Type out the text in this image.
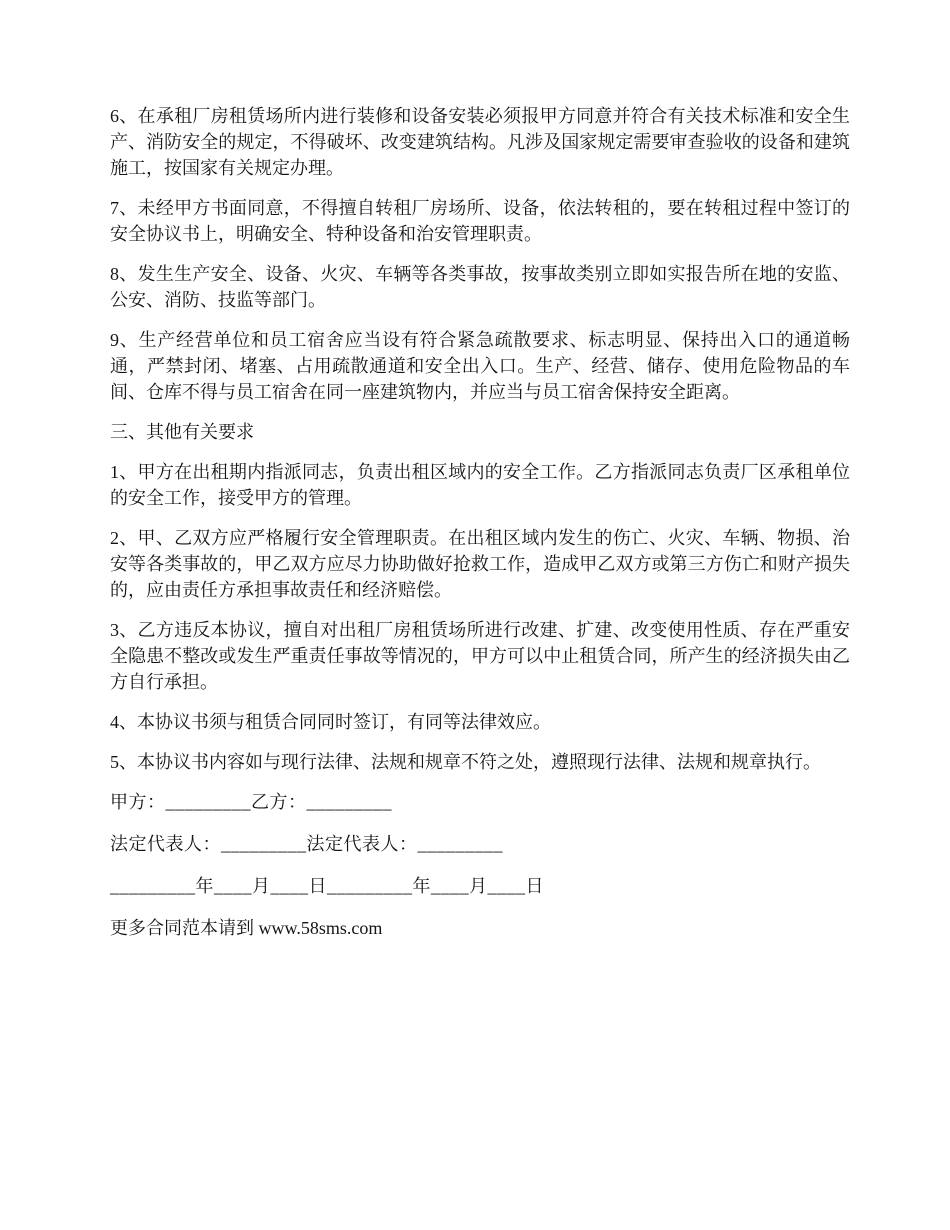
6、在承租厂房租赁场所内进行装修和设备安装必须报甲方同意并符合有关技术标准和安全生产、消防安全的规定，不得破坏、改变建筑结构。凡涉及国家规定需要审查验收的设备和建筑施工，按国家有关规定办理。

7、未经甲方书面同意，不得擅自转租厂房场所、设备，依法转租的，要在转租过程中签订的安全协议书上，明确安全、特种设备和治安管理职责。

8、发生生产安全、设备、火灾、车辆等各类事故，按事故类别立即如实报告所在地的安监、公安、消防、技监等部门。

9、生产经营单位和员工宿舍应当设有符合紧急疏散要求、标志明显、保持出入口的通道畅通，严禁封闭、堵塞、占用疏散通道和安全出入口。生产、经营、储存、使用危险物品的车间、仓库不得与员工宿舍在同一座建筑物内，并应当与员工宿舍保持安全距离。

三、其他有关要求

1、甲方在出租期内指派同志，负责出租区域内的安全工作。乙方指派同志负责厂区承租单位的安全工作，接受甲方的管理。

2、甲、乙双方应严格履行安全管理职责。在出租区域内发生的伤亡、火灾、车辆、物损、治安等各类事故的，甲乙双方应尽力协助做好抢救工作，造成甲乙双方或第三方伤亡和财产损失的，应由责任方承担事故责任和经济赔偿。

3、乙方违反本协议，擅自对出租厂房租赁场所进行改建、扩建、改变使用性质、存在严重安全隐患不整改或发生严重责任事故等情况的，甲方可以中止租赁合同，所产生的经济损失由乙方自行承担。

4、本协议书须与租赁合同同时签订，有同等法律效应。

5、本协议书内容如与现行法律、法规和规章不符之处，遵照现行法律、法规和规章执行。

甲方：_________乙方：_________

法定代表人：_________法定代表人：_________

_________年____月____日_________年____月____日

更多合同范本请到 www.58sms.com
